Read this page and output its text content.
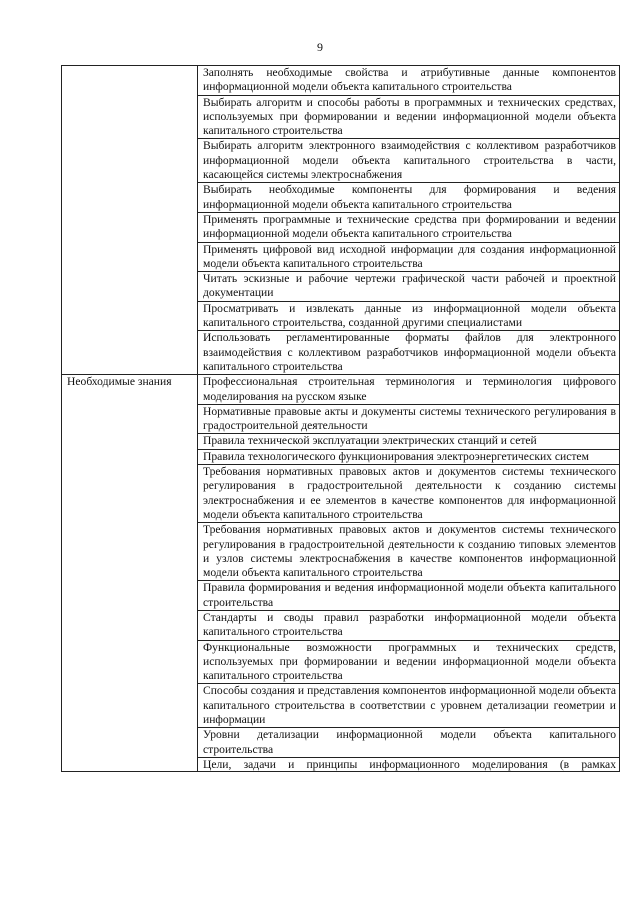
9
	Заполнять необходимые свойства и атрибутивные данные компонентов информационной модели объекта капитального строительства
	Выбирать алгоритм и способы работы в программных и технических средствах, используемых при формировании и ведении информационной модели объекта капитального строительства
	Выбирать алгоритм электронного взаимодействия с коллективом разработчиков информационной модели объекта капитального строительства в части, касающейся системы электроснабжения
	Выбирать необходимые компоненты для формирования и ведения информационной модели объекта капитального строительства
	Применять программные и технические средства при формировании и ведении информационной модели объекта капитального строительства
	Применять цифровой вид исходной информации для создания информационной модели объекта капитального строительства
	Читать эскизные и рабочие чертежи графической части рабочей и проектной документации
	Просматривать и извлекать данные из информационной модели объекта капитального строительства, созданной другими специалистами
	Использовать регламентированные форматы файлов для электронного взаимодействия с коллективом разработчиков информационной модели объекта капитального строительства
Необходимые знания	Профессиональная строительная терминология и терминология цифрового моделирования на русском языке
	Нормативные правовые акты и документы системы технического регулирования в градостроительной деятельности
	Правила технической эксплуатации электрических станций и сетей
	Правила технологического функционирования электроэнергетических систем
	Требования нормативных правовых актов и документов системы технического регулирования в градостроительной деятельности к созданию системы электроснабжения и ее элементов в качестве компонентов для информационной модели объекта капитального строительства
	Требования нормативных правовых актов и документов системы технического регулирования в градостроительной деятельности к созданию типовых элементов и узлов системы электроснабжения в качестве компонентов информационной модели объекта капитального строительства
	Правила формирования и ведения информационной модели объекта капитального строительства
	Стандарты и своды правил разработки информационной модели объекта капитального строительства
	Функциональные возможности программных и технических средств, используемых при формировании и ведении информационной модели объекта капитального строительства
	Способы создания и представления компонентов информационной модели объекта капитального строительства в соответствии с уровнем детализации геометрии и информации
	Уровни детализации информационной модели объекта капитального строительства

	Цели, задачи и принципы информационного моделирования (в рамках
